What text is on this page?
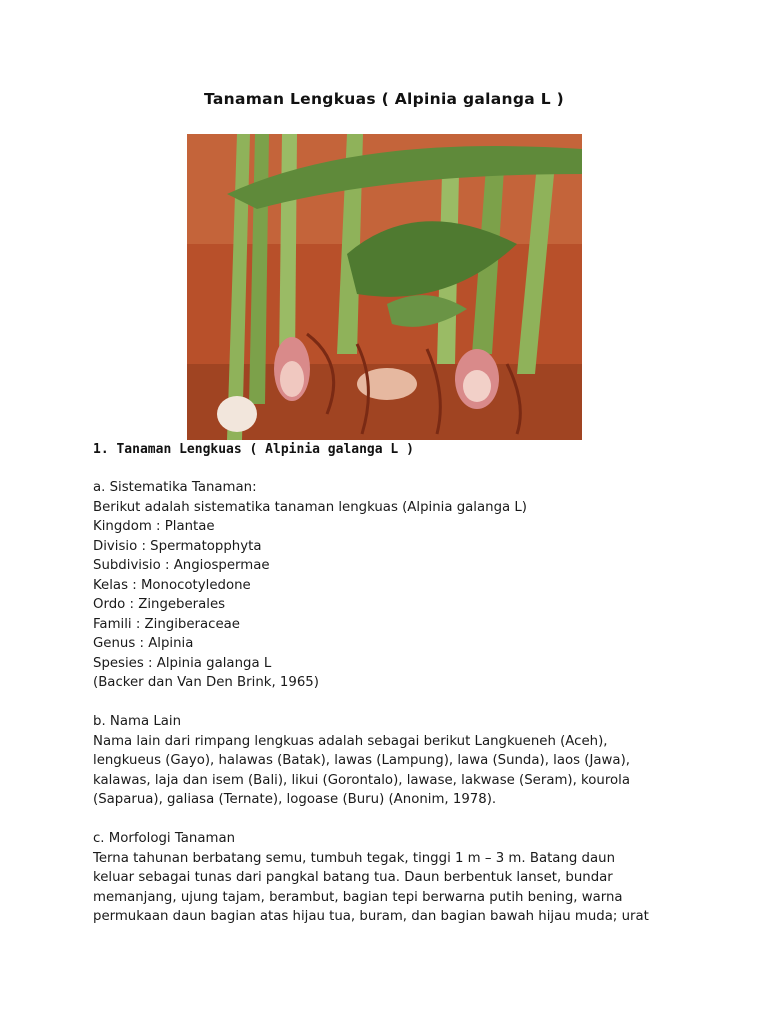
Tanaman Lengkuas ( Alpinia galanga L )
1. Tanaman Lengkuas ( Alpinia galanga L )
a. Sistematika Tanaman:
Berikut adalah sistematika tanaman lengkuas (Alpinia galanga L)
Kingdom : Plantae
Divisio : Spermatopphyta
Subdivisio : Angiospermae
Kelas : Monocotyledone
Ordo : Zingeberales
Famili : Zingiberaceae
Genus : Alpinia
Spesies : Alpinia galanga L
(Backer dan Van Den Brink, 1965)
b. Nama Lain
Nama lain dari rimpang lengkuas adalah sebagai berikut Langkueneh (Aceh),
lengkueus (Gayo), halawas (Batak), lawas (Lampung), lawa (Sunda), laos (Jawa),
kalawas, laja dan isem (Bali), likui (Gorontalo), lawase, lakwase (Seram), kourola
(Saparua), galiasa (Ternate), logoase (Buru) (Anonim, 1978).
c. Morfologi Tanaman
Terna tahunan berbatang semu, tumbuh tegak, tinggi 1 m – 3 m. Batang daun
keluar sebagai tunas dari pangkal batang tua. Daun berbentuk lanset, bundar
memanjang, ujung tajam, berambut, bagian tepi berwarna putih bening, warna
permukaan daun bagian atas hijau tua, buram, dan bagian bawah hijau muda; urat
